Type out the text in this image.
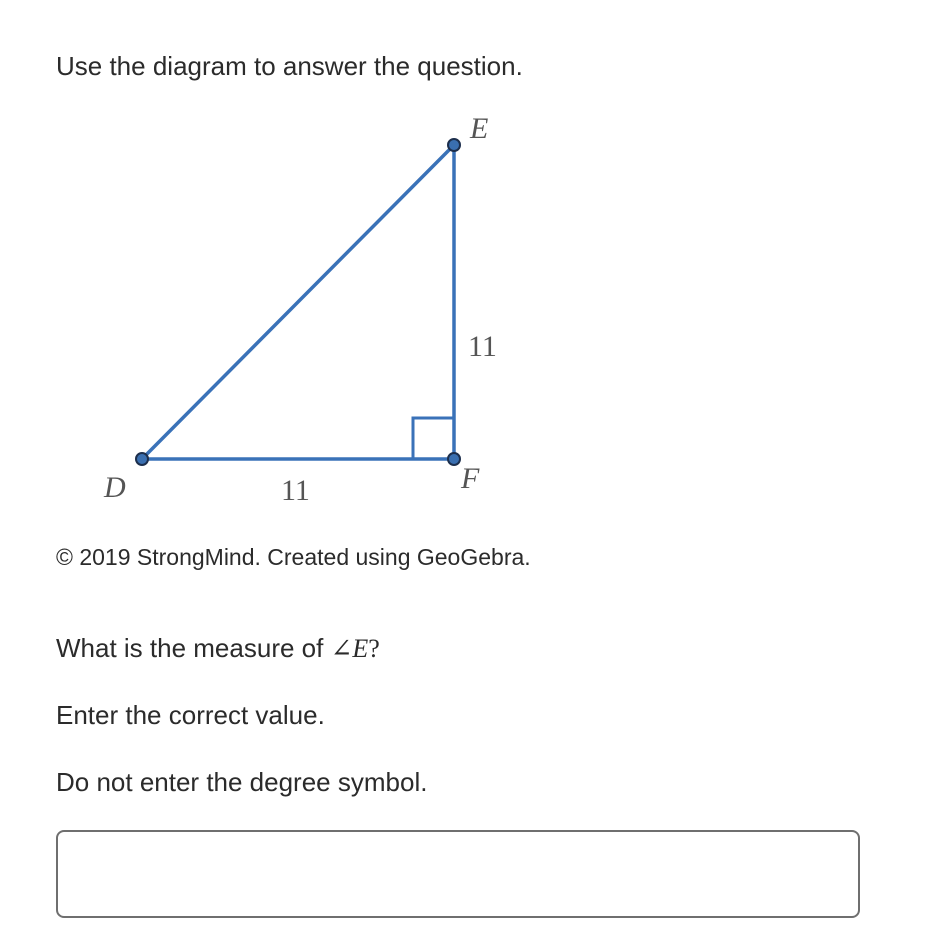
Use the diagram to answer the question.

D
E
F
11
11

© 2019 StrongMind. Created using GeoGebra.

What is the measure of ∠E?

Enter the correct value.

Do not enter the degree symbol.
